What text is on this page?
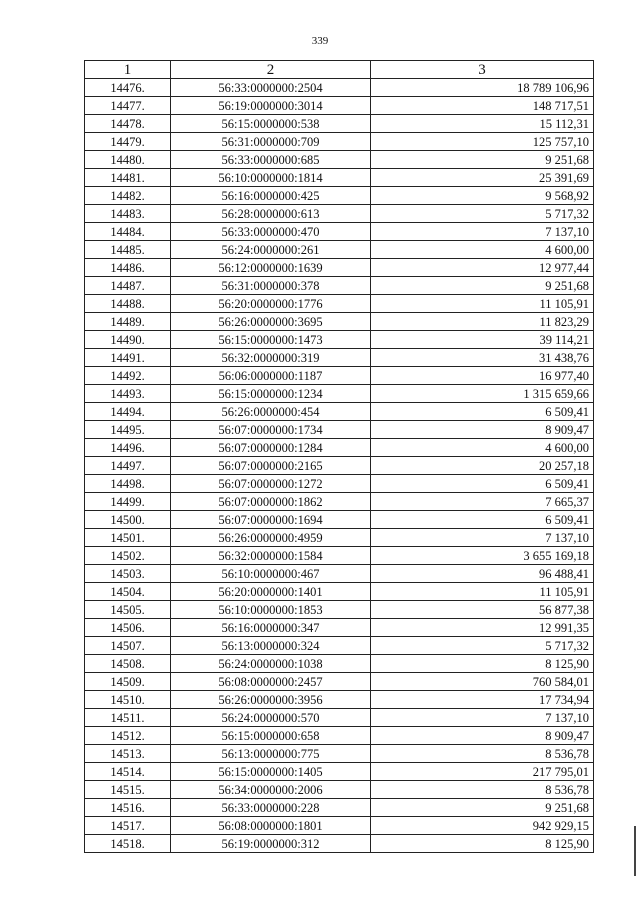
339
1	2	3
14476.	56:33:0000000:2504	18 789 106,96
14477.	56:19:0000000:3014	148 717,51
14478.	56:15:0000000:538	15 112,31
14479.	56:31:0000000:709	125 757,10
14480.	56:33:0000000:685	9 251,68
14481.	56:10:0000000:1814	25 391,69
14482.	56:16:0000000:425	9 568,92
14483.	56:28:0000000:613	5 717,32
14484.	56:33:0000000:470	7 137,10
14485.	56:24:0000000:261	4 600,00
14486.	56:12:0000000:1639	12 977,44
14487.	56:31:0000000:378	9 251,68
14488.	56:20:0000000:1776	11 105,91
14489.	56:26:0000000:3695	11 823,29
14490.	56:15:0000000:1473	39 114,21
14491.	56:32:0000000:319	31 438,76
14492.	56:06:0000000:1187	16 977,40
14493.	56:15:0000000:1234	1 315 659,66
14494.	56:26:0000000:454	6 509,41
14495.	56:07:0000000:1734	8 909,47
14496.	56:07:0000000:1284	4 600,00
14497.	56:07:0000000:2165	20 257,18
14498.	56:07:0000000:1272	6 509,41
14499.	56:07:0000000:1862	7 665,37
14500.	56:07:0000000:1694	6 509,41
14501.	56:26:0000000:4959	7 137,10
14502.	56:32:0000000:1584	3 655 169,18
14503.	56:10:0000000:467	96 488,41
14504.	56:20:0000000:1401	11 105,91
14505.	56:10:0000000:1853	56 877,38
14506.	56:16:0000000:347	12 991,35
14507.	56:13:0000000:324	5 717,32
14508.	56:24:0000000:1038	8 125,90
14509.	56:08:0000000:2457	760 584,01
14510.	56:26:0000000:3956	17 734,94
14511.	56:24:0000000:570	7 137,10
14512.	56:15:0000000:658	8 909,47
14513.	56:13:0000000:775	8 536,78
14514.	56:15:0000000:1405	217 795,01
14515.	56:34:0000000:2006	8 536,78
14516.	56:33:0000000:228	9 251,68
14517.	56:08:0000000:1801	942 929,15
14518.	56:19:0000000:312	8 125,90
